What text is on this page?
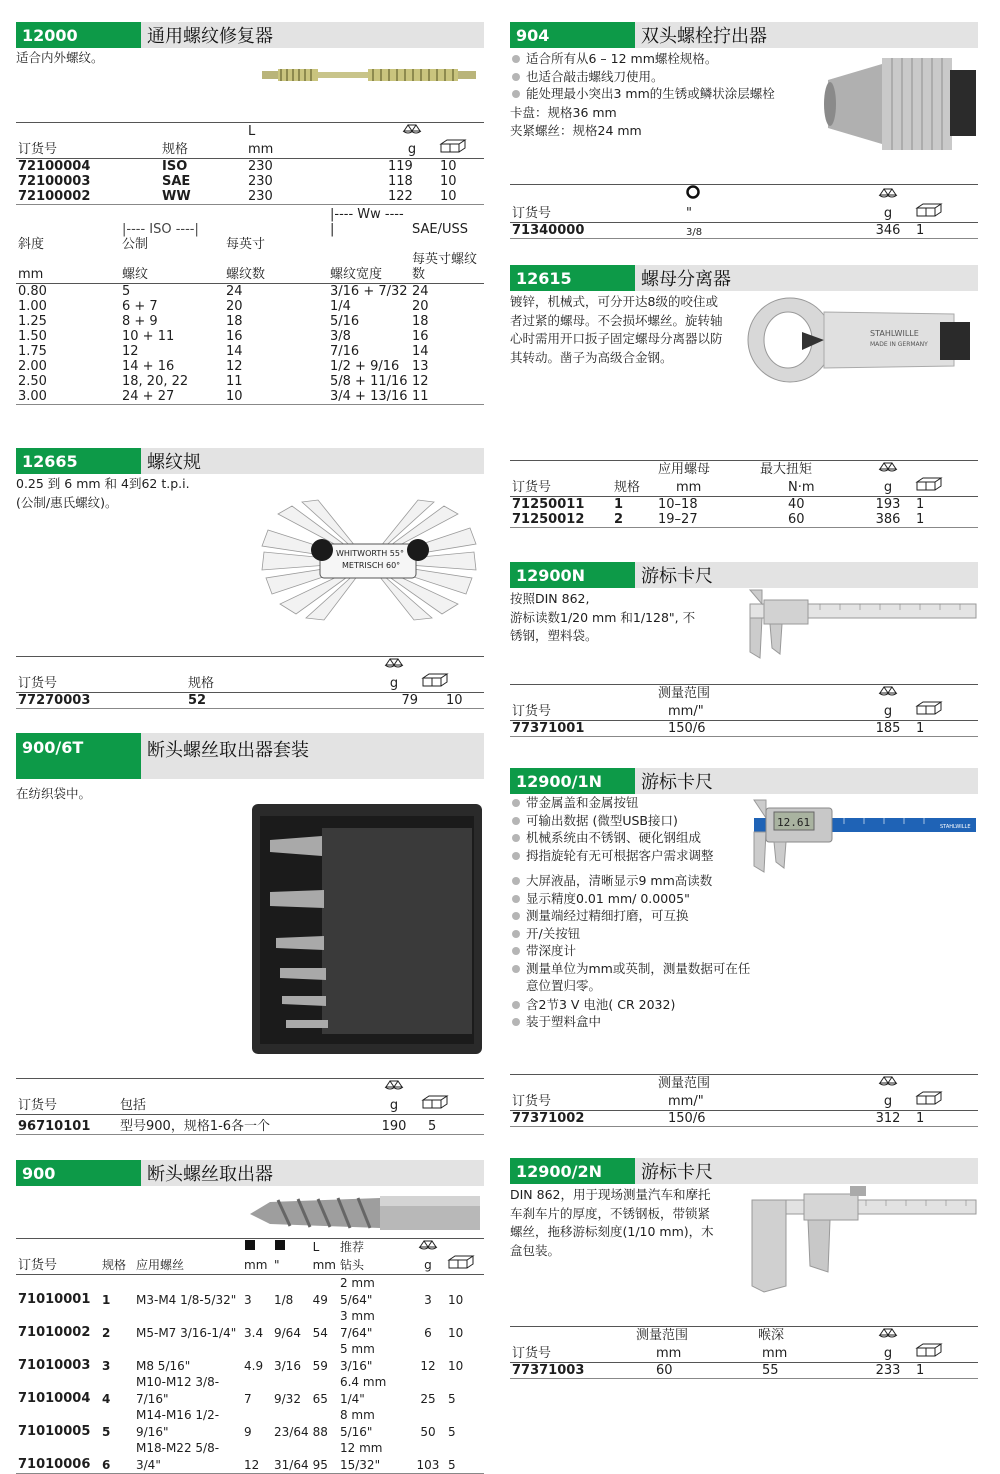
12000	通用螺纹修复器
适合内外螺纹。
		L		
订货号	规格	mm	g	
72100004	ISO	230	119	10
72100003	SAE	230	118	10
72100002	WW	230	122	10
	|---- ISO ----|		|---- Ww ----|		SAE/USS
斜度	公制	每英寸			
mm	螺纹	螺纹数	螺纹宽度		每英寸螺纹数
0.80	5	24	3/16 + 7/32		24
1.00	6 + 7	20	1/4		20
1.25	8 + 9	18	5/16		18
1.50	10 + 11	16	3/8		16
1.75	12	14	7/16		14
2.00	14 + 16	12	1/2 + 9/16		13
2.50	18, 20, 22	11	5/8 + 11/16		12
3.00	24 + 27	10	3/4 + 13/16		11
12665	螺纹规
0.25 到 6 mm 和 4到62 t.p.i.
(公制/惠氏螺纹)。
WHITWORTH 55°
METRISCH 60°

订货号	规格	g	
77270003	52	79	10
900/6T	断头螺丝取出器套装
在纺织袋中。

订货号	包括	g	
96710101	型号900，规格1-6各一个	190	5
900	断头螺丝取出器
					L	推荐		
订货号	规格	应用螺丝	mm	"	mm	钻头	g	
71010001	1	M3-M4 1/8-5/32"	3	1/8	49	2 mm 5/64"	3	10
71010002	2	M5-M7 3/16-1/4"	3.4	9/64	54	3 mm 7/64"	6	10
71010003	3	M8 5/16"	4.9	3/16	59	5 mm 3/16"	12	10
71010004	4	M10-M12 3/8-7/16"	7	9/32	65	6.4 mm 1/4"	25	5
71010005	5	M14-M16 1/2-9/16"	9	23/64	88	8 mm 5/16"	50	5
71010006	6	M18-M22 5/8-3/4"	12	31/64	95	12 mm 15/32"	103	5
904	双头螺栓拧出器
适合所有从6 – 12 mm螺栓规格。
也适合敲击螺线刀使用。
能处理最小突出3 mm的生锈或鳞状涂层螺栓
卡盘：规格36 mm
夹紧螺丝：规格24 mm

订货号	"	g	
71340000	3/8	346	1
12615	螺母分离器
镀锌，机械式，可分开达8级的咬住或
者过紧的螺母。不会损坏螺丝。旋转轴
心时需用开口扳子固定螺母分离器以防
其转动。凿子为高级合金钢。
STAHLWILLE
MADE IN GERMANY
		应用螺母	最大扭矩		
订货号	规格	mm	N·m	g	
71250011	1	10–18	40	193	1
71250012	2	19–27	60	386	1
12900N	游标卡尺
按照DIN 862,
游标读数1/20 mm 和1/128", 不
锈钢，塑料袋。
	测量范围		
订货号	mm/"	g	
77371001	150/6	185	1
12900/1N	游标卡尺
带金属盖和金属按钮
可输出数据 (微型USB接口)
机械系统由不锈钢、硬化钢组成
拇指旋轮有无可根据客户需求调整
大屏液晶，清晰显示9 mm高读数
显示精度0.01 mm/ 0.0005"
测量端经过精细打磨，可互换
开/关按钮
带深度计
测量单位为mm或英制，测量数据可在任
意位置归零。
含2节3 V 电池( CR 2032)
装于塑料盒中
STAHLWILLE
12.61
	测量范围		
订货号	mm/"	g	
77371002	150/6	312	1
12900/2N	游标卡尺
DIN 862，用于现场测量汽车和摩托
车刹车片的厚度，不锈钢板，带锁紧
螺丝，拖移游标刻度(1/10 mm)，木
盒包装。
	测量范围	喉深		
订货号	mm	mm	g	
77371003	60	55	233	1
